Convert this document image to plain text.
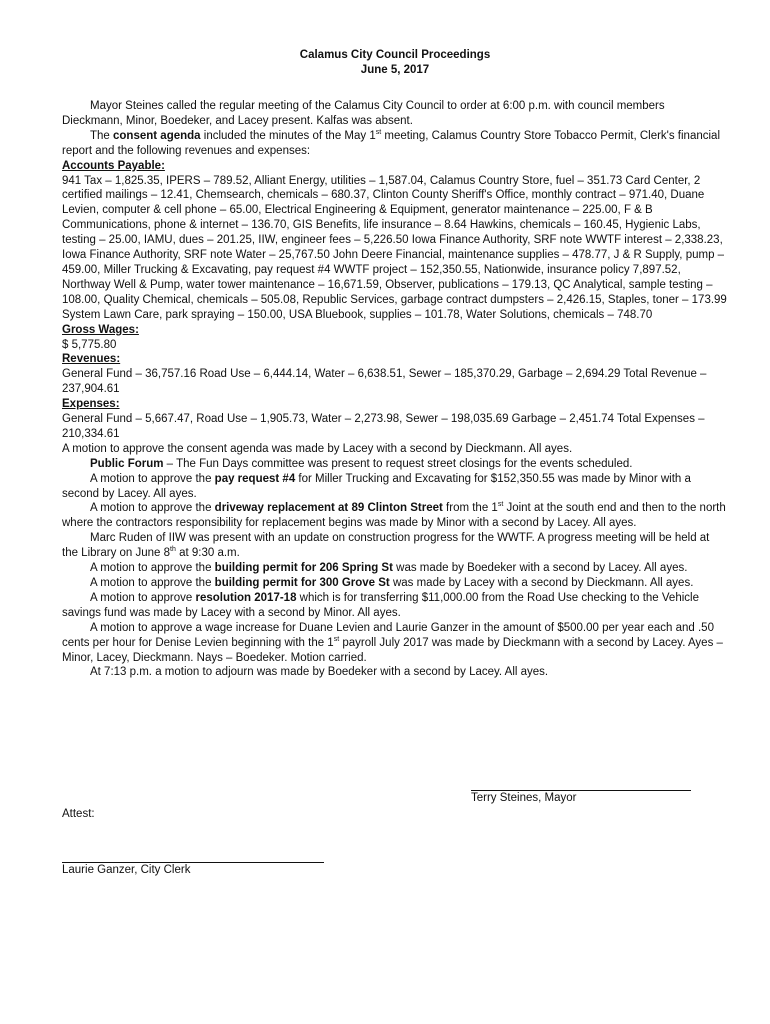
Calamus City Council Proceedings
June 5, 2017

Mayor Steines called the regular meeting of the Calamus City Council to order at 6:00 p.m. with council members Dieckmann, Minor, Boedeker, and Lacey present. Kalfas was absent.

The consent agenda included the minutes of the May 1st meeting, Calamus Country Store Tobacco Permit, Clerk's financial report and the following revenues and expenses:

Accounts Payable:

941 Tax – 1,825.35, IPERS – 789.52, Alliant Energy, utilities – 1,587.04, Calamus Country Store, fuel – 351.73 Card Center, 2 certified mailings – 12.41, Chemsearch, chemicals – 680.37, Clinton County Sheriff's Office, monthly contract – 971.40, Duane Levien, computer & cell phone – 65.00, Electrical Engineering & Equipment, generator maintenance – 225.00, F & B Communications, phone & internet – 136.70, GIS Benefits, life insurance – 8.64 Hawkins, chemicals – 160.45, Hygienic Labs, testing – 25.00, IAMU, dues – 201.25, IIW, engineer fees – 5,226.50 Iowa Finance Authority, SRF note WWTF interest – 2,338.23, Iowa Finance Authority, SRF note Water – 25,767.50 John Deere Financial, maintenance supplies – 478.77, J & R Supply, pump – 459.00, Miller Trucking & Excavating, pay request #4 WWTF project – 152,350.55, Nationwide, insurance policy 7,897.52, Northway Well & Pump, water tower maintenance – 16,671.59, Observer, publications – 179.13, QC Analytical, sample testing – 108.00, Quality Chemical, chemicals – 505.08, Republic Services, garbage contract dumpsters – 2,426.15, Staples, toner – 173.99 System Lawn Care, park spraying – 150.00, USA Bluebook, supplies – 101.78, Water Solutions, chemicals – 748.70

Gross Wages:

$ 5,775.80

Revenues:

General Fund – 36,757.16 Road Use – 6,444.14, Water – 6,638.51, Sewer – 185,370.29, Garbage – 2,694.29 Total Revenue – 237,904.61

Expenses:

General Fund – 5,667.47, Road Use – 1,905.73, Water – 2,273.98, Sewer – 198,035.69 Garbage – 2,451.74 Total Expenses – 210,334.61

A motion to approve the consent agenda was made by Lacey with a second by Dieckmann. All ayes.

Public Forum – The Fun Days committee was present to request street closings for the events scheduled.

A motion to approve the pay request #4 for Miller Trucking and Excavating for $152,350.55 was made by Minor with a second by Lacey. All ayes.

A motion to approve the driveway replacement at 89 Clinton Street from the 1st Joint at the south end and then to the north where the contractors responsibility for replacement begins was made by Minor with a second by Lacey. All ayes.

Marc Ruden of IIW was present with an update on construction progress for the WWTF. A progress meeting will be held at the Library on June 8th at 9:30 a.m.

A motion to approve the building permit for 206 Spring St was made by Boedeker with a second by Lacey. All ayes.

A motion to approve the building permit for 300 Grove St was made by Lacey with a second by Dieckmann. All ayes.

A motion to approve resolution 2017-18 which is for transferring $11,000.00 from the Road Use checking to the Vehicle savings fund was made by Lacey with a second by Minor. All ayes.

A motion to approve a wage increase for Duane Levien and Laurie Ganzer in the amount of $500.00 per year each and .50 cents per hour for Denise Levien beginning with the 1st payroll July 2017 was made by Dieckmann with a second by Lacey. Ayes – Minor, Lacey, Dieckmann. Nays – Boedeker. Motion carried.

At 7:13 p.m. a motion to adjourn was made by Boedeker with a second by Lacey. All ayes.

Terry Steines, Mayor
Attest:
Laurie Ganzer, City Clerk
